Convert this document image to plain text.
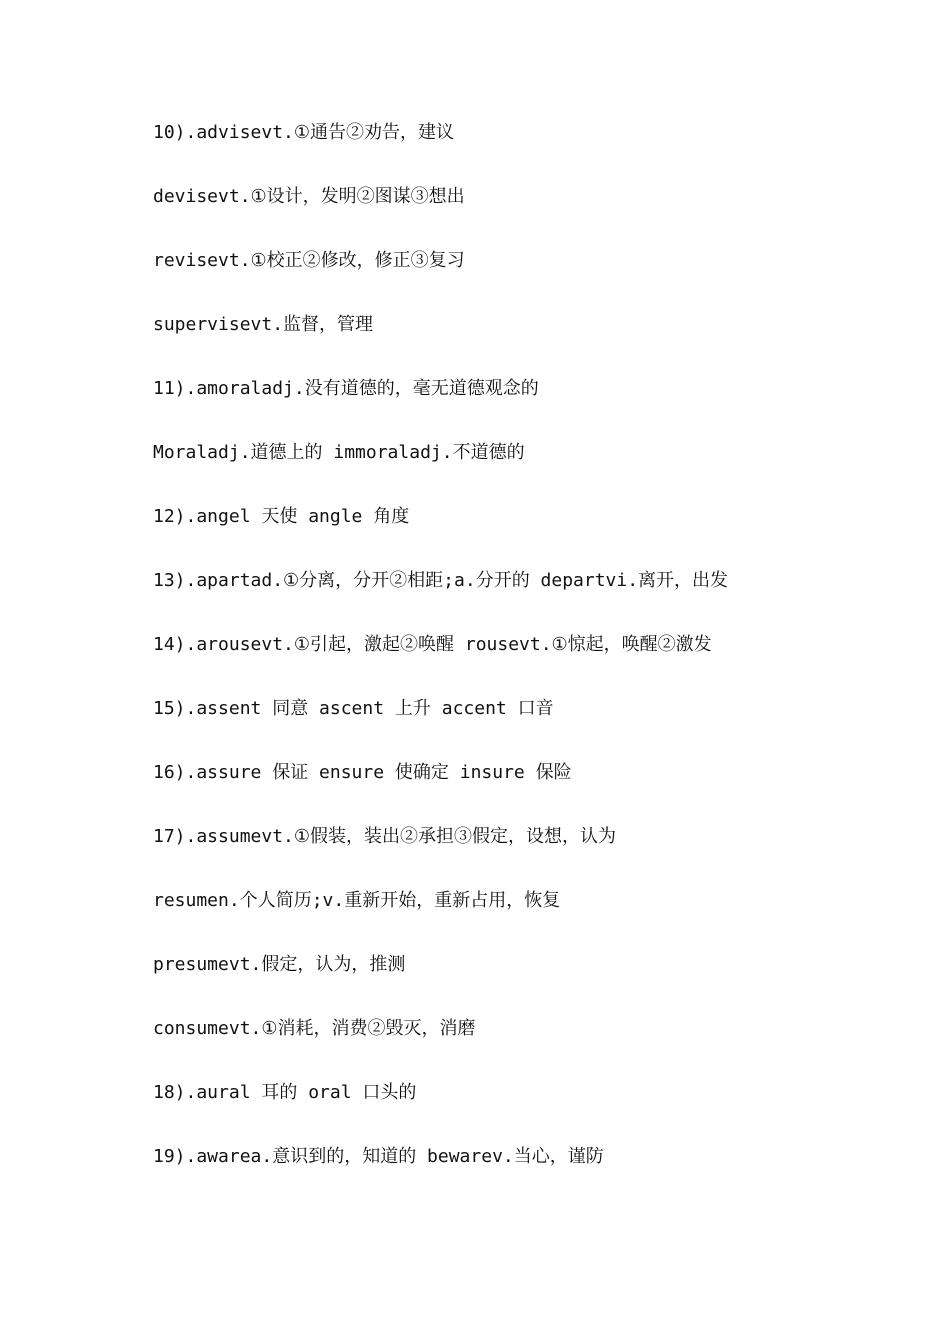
10).advisevt.①通告②劝告，建议
devisevt.①设计，发明②图谋③想出
revisevt.①校正②修改，修正③复习
supervisevt.监督，管理
11).amoraladj.没有道德的，毫无道德观念的
Moraladj.道德上的 immoraladj.不道德的
12).angel 天使 angle 角度
13).apartad.①分离，分开②相距;a.分开的 departvi.离开，出发
14).arousevt.①引起，激起②唤醒 rousevt.①惊起，唤醒②激发
15).assent 同意 ascent 上升 accent 口音
16).assure 保证 ensure 使确定 insure 保险
17).assumevt.①假装，装出②承担③假定，设想，认为
resumen.个人简历;v.重新开始，重新占用，恢复
presumevt.假定，认为，推测
consumevt.①消耗，消费②毁灭，消磨
18).aural 耳的 oral 口头的
19).awarea.意识到的，知道的 bewarev.当心，谨防
